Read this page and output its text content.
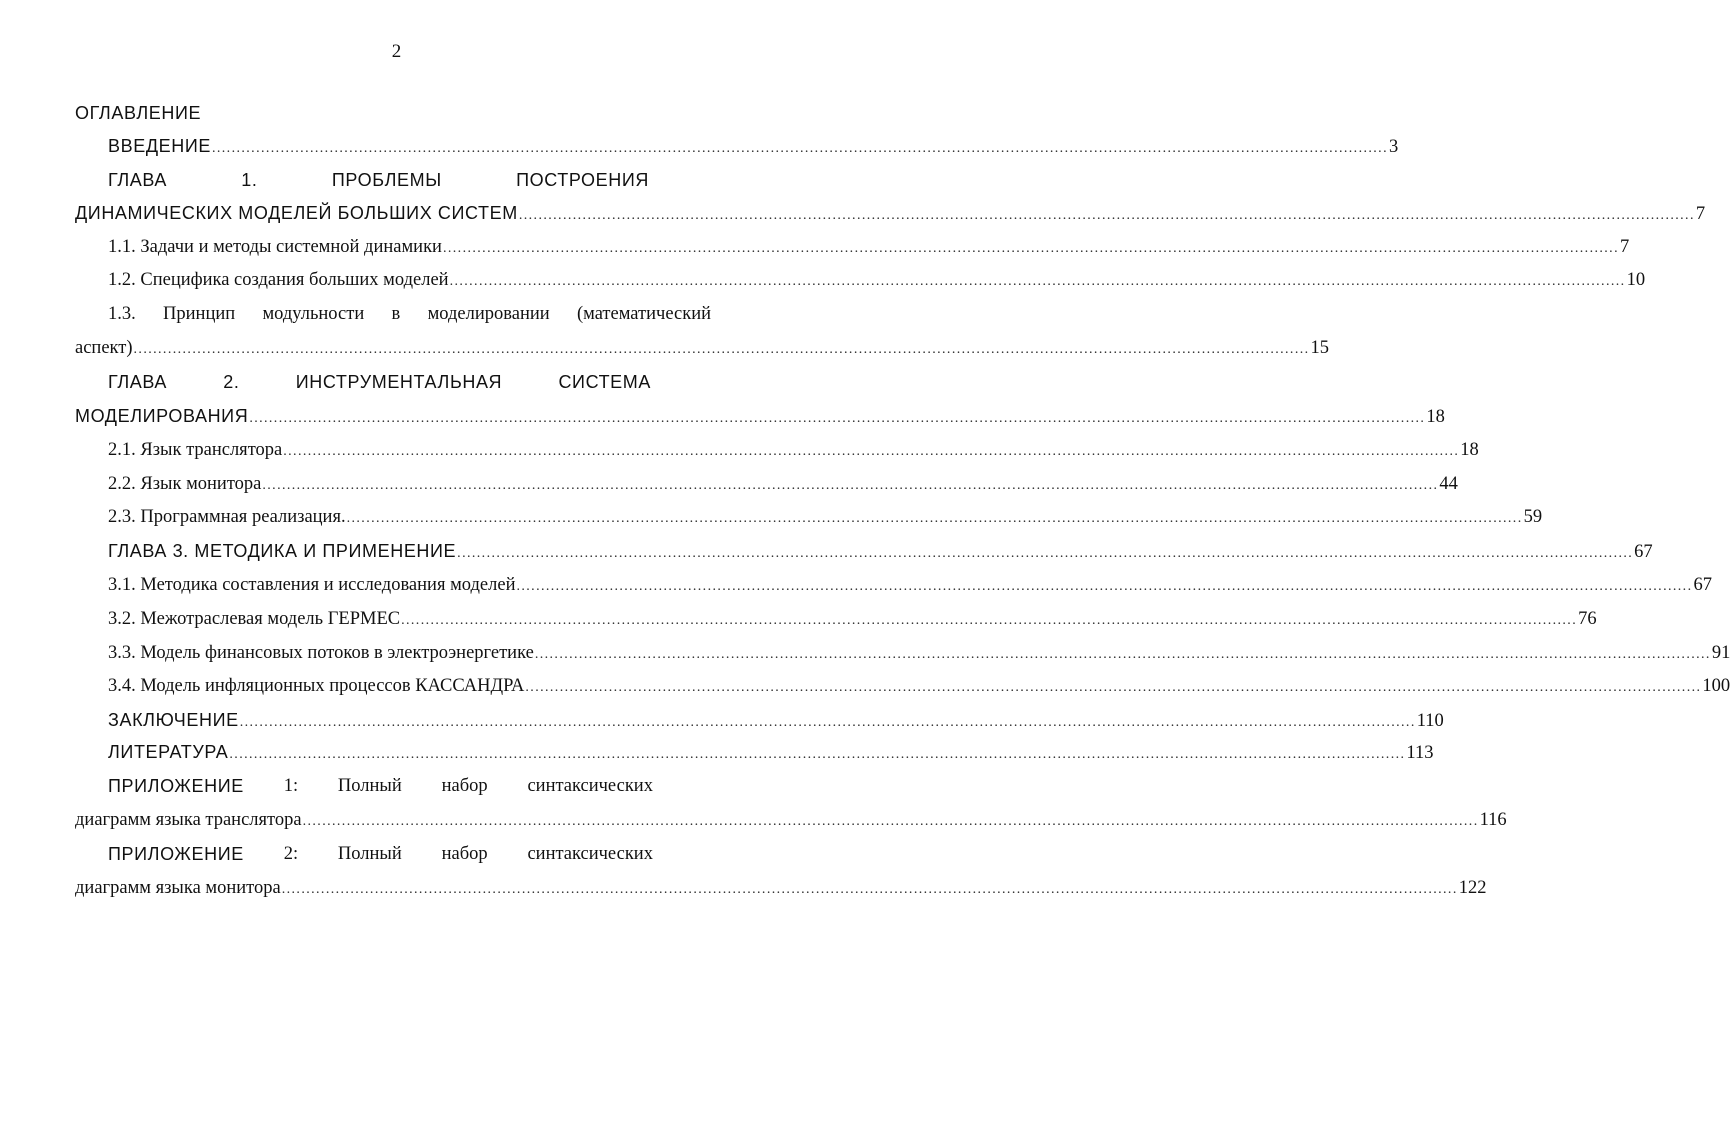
2
ОГЛАВЛЕНИЕ
ВВЕДЕНИЕ ................................................................................................................................................................................................................................................ 3
ГЛАВА	1.	ПРОБЛЕМЫ	ПОСТРОЕНИЯ
ДИНАМИЧЕСКИХ МОДЕЛЕЙ БОЛЬШИХ СИСТЕМ ................................................................................................................................................................................................................................................ 7
1.1. Задачи и методы системной динамики ................................................................................................................................................................................................................................................ 7
1.2. Специфика создания больших моделей ................................................................................................................................................................................................................................................ 10
1.3. Принцип модульности в моделировании (математический
аспект) ................................................................................................................................................................................................................................................ 15
ГЛАВА	2.	ИНСТРУМЕНТАЛЬНАЯ	СИСТЕМА
МОДЕЛИРОВАНИЯ ................................................................................................................................................................................................................................................ 18
2.1. Язык транслятора ................................................................................................................................................................................................................................................ 18
2.2. Язык монитора ................................................................................................................................................................................................................................................ 44
2.3. Программная реализация. ................................................................................................................................................................................................................................................ 59
ГЛАВА 3. МЕТОДИКА И ПРИМЕНЕНИЕ ................................................................................................................................................................................................................................................ 67
3.1. Методика составления и исследования моделей ................................................................................................................................................................................................................................................ 67
3.2. Межотраслевая модель ГЕРМЕС ................................................................................................................................................................................................................................................ 76
3.3. Модель финансовых потоков в электроэнергетике ................................................................................................................................................................................................................................................ 91
3.4. Модель инфляционных процессов КАССАНДРА ................................................................................................................................................................................................................................................ 100
ЗАКЛЮЧЕНИЕ ................................................................................................................................................................................................................................................ 110
ЛИТЕРАТУРА ................................................................................................................................................................................................................................................ 113
ПРИЛОЖЕНИЕ 1: Полный набор синтаксических
диаграмм языка транслятора ................................................................................................................................................................................................................................................ 116
ПРИЛОЖЕНИЕ 2: Полный набор синтаксических
диаграмм языка монитора ................................................................................................................................................................................................................................................ 122
